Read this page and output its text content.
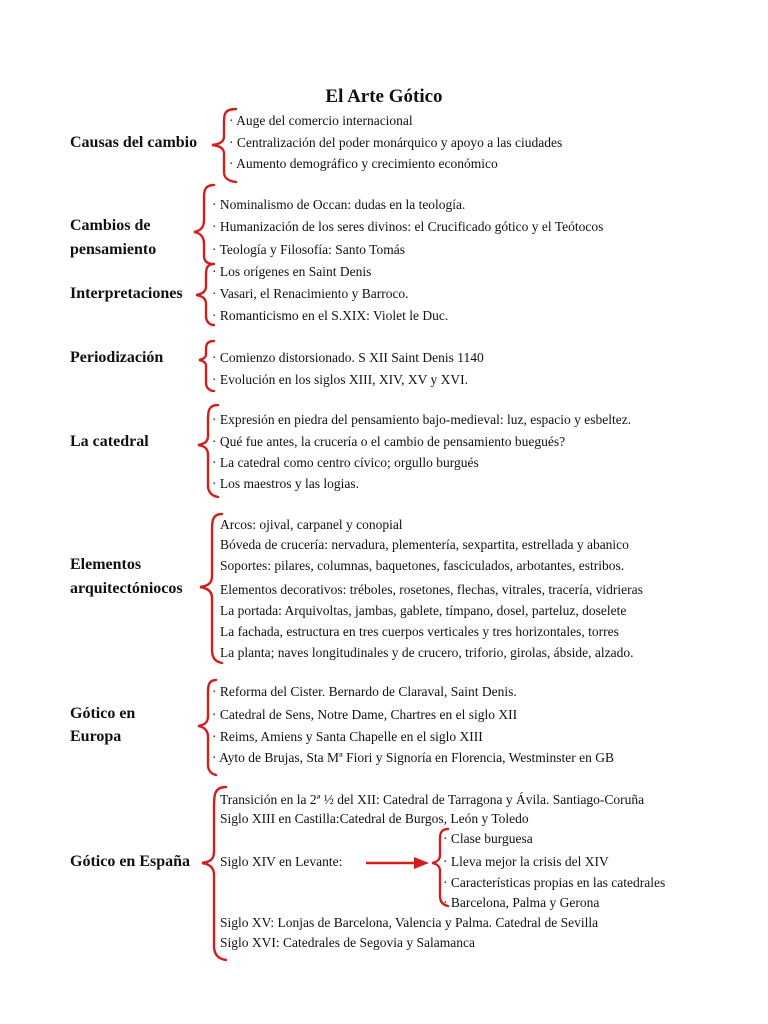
El Arte Gótico
Causas del cambio
· Auge del comercio internacional
· Centralización del poder monárquico y apoyo a las ciudades
· Aumento demográfico y crecimiento económico
Cambios de
pensamiento
· Nominalismo de Occan: dudas en la teología.
· Humanización de los seres divinos: el Crucificado gótico y el Teótocos
· Teología y Filosofía: Santo Tomás
Interpretaciones
· Los orígenes en Saint Denis
· Vasari, el Renacimiento y Barroco.
· Romanticismo en el S.XIX: Violet le Duc.
Periodización	· Comienzo distorsionado. S XII Saint Denis 1140
· Evolución en los siglos XIII, XIV, XV y XVI.
La catedral
· Expresión en piedra del pensamiento bajo-medieval: luz, espacio y esbeltez.
· Qué fue antes, la crucería o el cambio de pensamiento buegués?
· La catedral como centro cívico; orgullo burgués
· Los maestros y las logias.
Elementos
arquitectóniocos
Arcos: ojival, carpanel y conopial
Bóveda de crucería: nervadura, plementería, sexpartita, estrellada y abanico
Soportes: pilares, columnas, baquetones, fasciculados, arbotantes, estribos.
Elementos decorativos: tréboles, rosetones, flechas, vitrales, tracería, vidrieras
La portada: Arquivoltas, jambas, gablete, tímpano, dosel, parteluz, doselete
La fachada, estructura en tres cuerpos verticales y tres horizontales, torres
La planta; naves longitudinales y de crucero, triforio, girolas, ábside, alzado.
Gótico en
Europa
· Reforma del Cister. Bernardo de Claraval, Saint Denis.
· Catedral de Sens, Notre Dame, Chartres en el siglo XII
· Reims, Amiens y Santa Chapelle en el siglo XIII
· Ayto de Brujas, Sta Mª Fiori y Signoría en Florencia, Westminster en GB
Gótico en España
Transición en la 2ª ½ del XII: Catedral de Tarragona y Ávila. Santiago-Coruña
Siglo XIII en Castilla:Catedral de Burgos, León y Toledo
Siglo XIV en Levante:
Siglo XV: Lonjas de Barcelona, Valencia y Palma. Catedral de Sevilla
Siglo XVI: Catedrales de Segovia y Salamanca
· Clase burguesa
· Lleva mejor la crisis del XIV
· Características propias en las catedrales
· Barcelona, Palma y Gerona
